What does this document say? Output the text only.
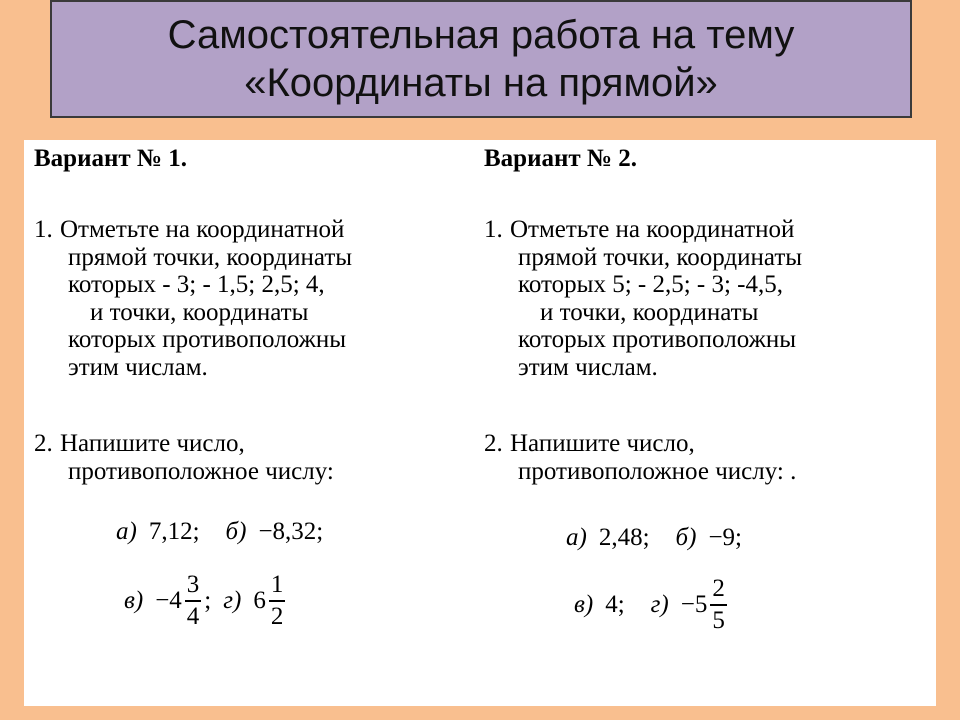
Самостоятельная работа на тему
«Координаты на прямой»
Вариант № 1.
1. Отметьте на координатной
прямой точки, координаты
которых - 3; - 1,5; 2,5; 4,
и точки, координаты
которых противоположны
этим числам.
2. Напишите число,
противоположное числу:
а) 7,12; б) −8,32;
$в) -4 \frac{3}{4}$ ; г) $6 \frac{1}{2}$
Вариант № 2.
1. Отметьте на координатной
прямой точки, координаты
которых 5; - 2,5; - 3; -4,5,
и точки, координаты
которых противоположны
этим числам.
2. Напишите число,
противоположное числу: .
а) 2,48; б) −9;
в) 4; $г) -5 \frac{2}{5}$
